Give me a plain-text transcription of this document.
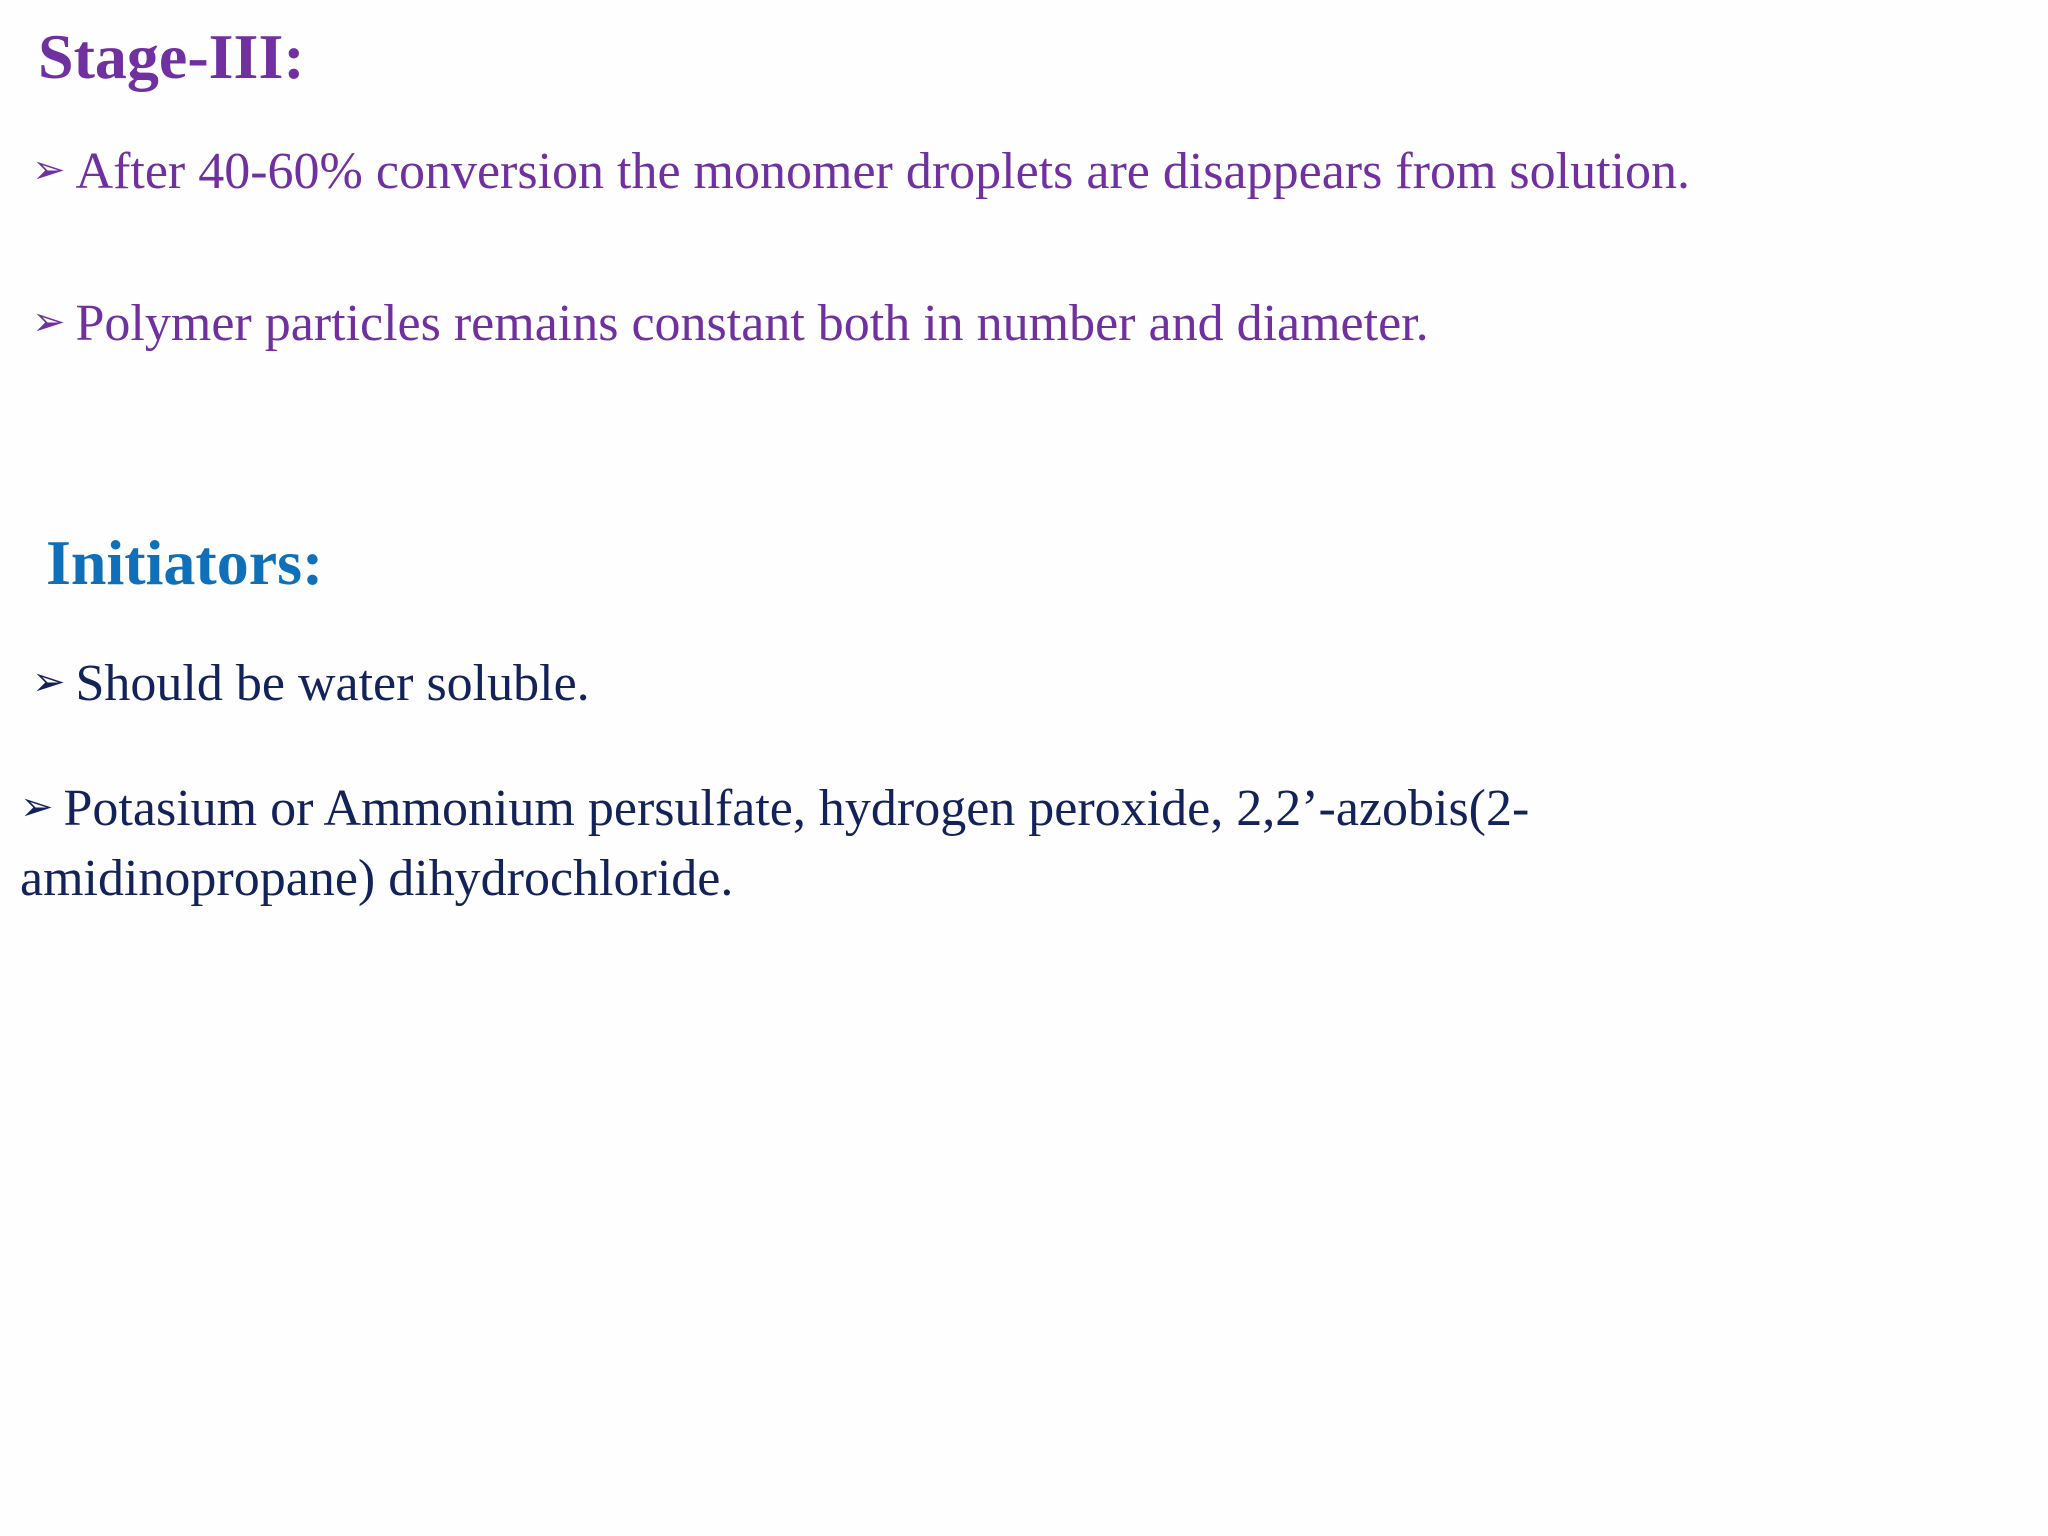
Stage-III:
➢ After 40-60% conversion the monomer droplets are disappears from solution.
➢ Polymer particles remains constant both in number and diameter.
Initiators:
➢ Should be water soluble.
➢ Potasium or Ammonium persulfate, hydrogen peroxide, 2,2’-azobis(2-amidinopropane) dihydrochloride.
